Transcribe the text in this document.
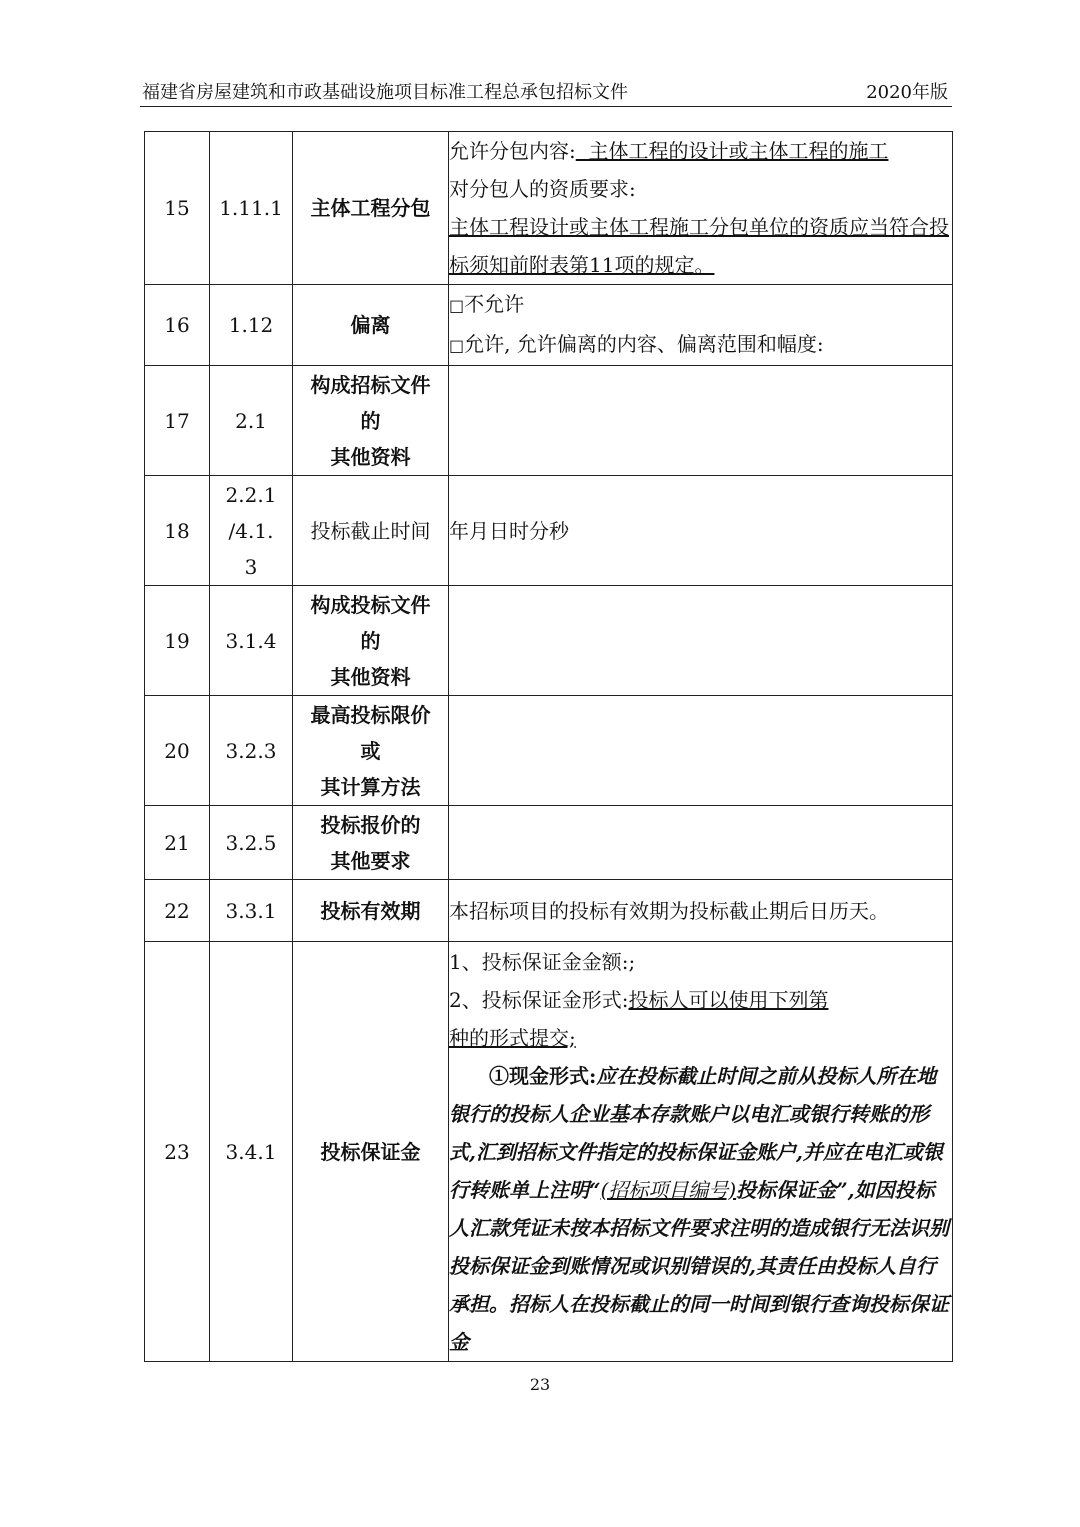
福建省房屋建筑和市政基础设施项目标准工程总承包招标文件	2020年版
15	1.11.1	主体工程分包	允许分包内容:  主体工程的设计或主体工程的施工

对分包人的资质要求:

主体工程设计或主体工程施工分包单位的资质应当符合投标须知前附表第11项的规定。

16	1.12	偏离	□不允许

□允许, 允许偏离的内容、偏离范围和幅度:

17	2.1	构成招标文件
的
其他资料	

18	2.2.1
/4.1.
3	投标截止时间	年月日时分秒
19	3.1.4	构成投标文件
的
其他资料	

20	3.2.3	最高投标限价
或
其计算方法	

21	3.2.5	投标报价的
其他要求	

22	3.3.1	投标有效期	本招标项目的投标有效期为投标截止期后日历天。
23	3.4.1	投标保证金	1、投标保证金金额:;

2、投标保证金形式:投标人可以使用下列第

种的形式提交;

①现金形式:应在投标截止时间之前从投标人所在地银行的投标人企业基本存款账户以电汇或银行转账的形式,汇到招标文件指定的投标保证金账户,并应在电汇或银行转账单上注明“(招标项目编号)投标保证金”,如因投标人汇款凭证未按本招标文件要求注明的造成银行无法识别投标保证金到账情况或识别错误的,其责任由投标人自行承担。招标人在投标截止的同一时间到银行查询投标保证金

23
